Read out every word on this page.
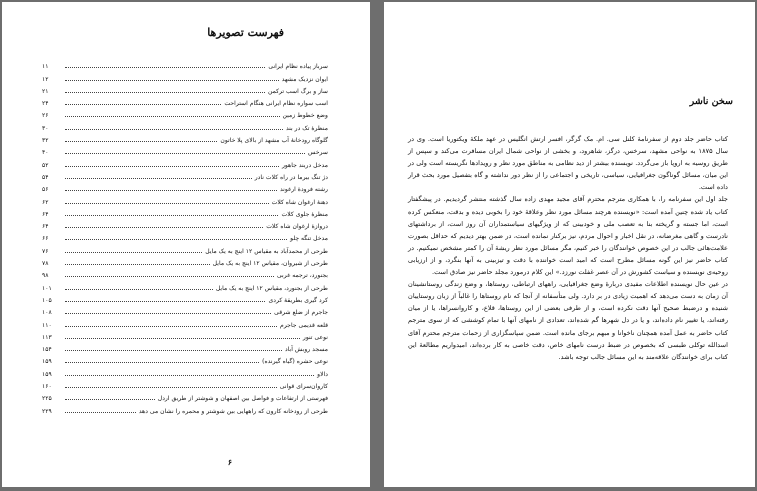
فهرست تصویرها
سرباز پیاده نظام ایرانی
۱۱
ایوان نزدیک مشهد
۱۲
ساز و برگ اسب ترکمن
۲۱
اسب سواره نظام ایرانی هنگام استراحت
۲۴
وضع خطوط زمین
۲۶
منظرهٔ تک در بند
۳۰
گلوگاه رودخانهٔ آب مشهد از بالای پلا خاتون
۳۲
سرخس
۴۰
مدخل دربند جاهور
۵۲
دژ تنگ بیرما در راه کلات نادر
۵۴
رشته فرودهٔ ارغوند
۵۶
دهنهٔ ارغوان شاه کلات
۶۲
منظرهٔ جلوی کلات
۶۴
دروازهٔ ارغوان شاه کلات
۶۴
مدخل تنگه چلو
۶۶
طرحی از محمدآباد به مقیاس ۱۲ اینچ به یک مایل
۷۶
طرحی از شیروان، مقیاس ۱۲ اینچ به یک مایل
۷۸
بجنورد، ترجمه غربی
۹۸
طرحی از بجنورد، مقیاس ۱۲ اینچ به یک مایل
۱۰۱
کرد گیری بطریقهٔ کردی
۱۰۵
جاجرم از ضلع شرقی
۱۰۸
قلعه قدیمی جاجرم
۱۱۰
نوعی تنور
۱۱۳
مسجد روبش آباد
۱۵۴
نوعی حشره (گیاه گیرنده)
۱۵۹
دالاو
۱۵۹
کاروان‌سرای قوانی
۱۶۰
فهرستی از ارتفاعات و فواصل بین اصفهان و شوشتر از طریق اردل
۲۲۵
طرحی از رودخانه کارون که راههایی بین شوشتر و محمره را نشان می دهد
۲۲۹
۶
سخن ناشر

کتاب حاضر جلد دوم از سفرنامهٔ کلنل سی. ام. مک گرگر، افسر ارتش انگلیس در عهد ملکهٔ ویکتوریا است. وی در سال ۱۸۷۵ به نواحی مشهد، سرخس، درگز، شاهرود، و بخشی از نواحی شمال ایران مسافرت می‌کند و سپس از طریق روسیه به اروپا باز می‌گردد. نویسنده بیشتر از دید نظامی به مناطق مورد نظر و رویدادها نگریسته است ولی در این میان، مسائل گوناگون جغرافیایی، سیاسی، تاریخی و اجتماعی را از نظر دور نداشته و گاه بتفصیل مورد بحث قرار داده است.

جلد اول این سفرنامه را، با همکاری مترجم محترم آقای مجید مهدی زاده سال گذشته منتشر گردیدیم. در پیشگفتار کتاب یاد شده چنین آمده است: «نویسنده هرچند مسائل مورد نظر وعلاقهٔ خود را بخوبی دیده و بدقت، منعکس کرده است، اما جسته و گریخته بنا به تعصب ملی و خودبینی که از ویژگیهای سیاستمداران آن روز است، از برداشتهای نادرست و گاهی مغرضانه، در نقل اخبار و احوال مردم، نیز برکنار نمانده است، در ضمن بهتر دیدیم که حداقل بصورت علامت‌هائی جالب در این خصوص خوانندگان را خبر کنیم، مگر مسائل مورد نظر ریشهٔ آن را کمتر مشخص نمیکنیم. در کتاب حاضر نیز این گونه مسائل مطرح است که امید است خواننده با دقت و تیزبینی به آنها بنگرد، و از ارزیابی روحیه‌ی نویسنده و سیاست کشورش در آن عصر غفلت نورزد.» این کلام درمورد مجلد حاضر نیز صادق است.

در عین حال نویسنده اطلاعات مفیدی دربارهٔ وضع جغرافیایی، راههای ارتباطی، روستاها، و وضع زندگی روستانشینان آن زمان به دست می‌دهد که اهمیت زیادی در بر دارد. ولی متأسفانه از آنجا که نام روستاها را غالباً از زبان روستاییان شنیده و درضبط صحیح آنها دقت نکرده است، و از طرفی بعضی از این روستاها، قلاع، و کاروانسراها، یا از میان رفته‌اند، یا تغییر نام داده‌اند، و یا در دل شهرها گم شده‌اند، تعدادی از نامهای آنها با تمام کوششی که از سوی مترجم کتاب حاضر به عمل آمده همچنان ناخوانا و مبهم برجای مانده است. ضمن سپاسگزاری از زحمات مترجم محترم آقای اسدالله توکلی طبسی که بخصوص در ضبط درست نامهای خاص، دقت خاصی به کار برده‌اند، امیدواریم مطالعهٔ این کتاب برای خوانندگان علاقه‌مند به این مسائل جالب توجه باشد.
